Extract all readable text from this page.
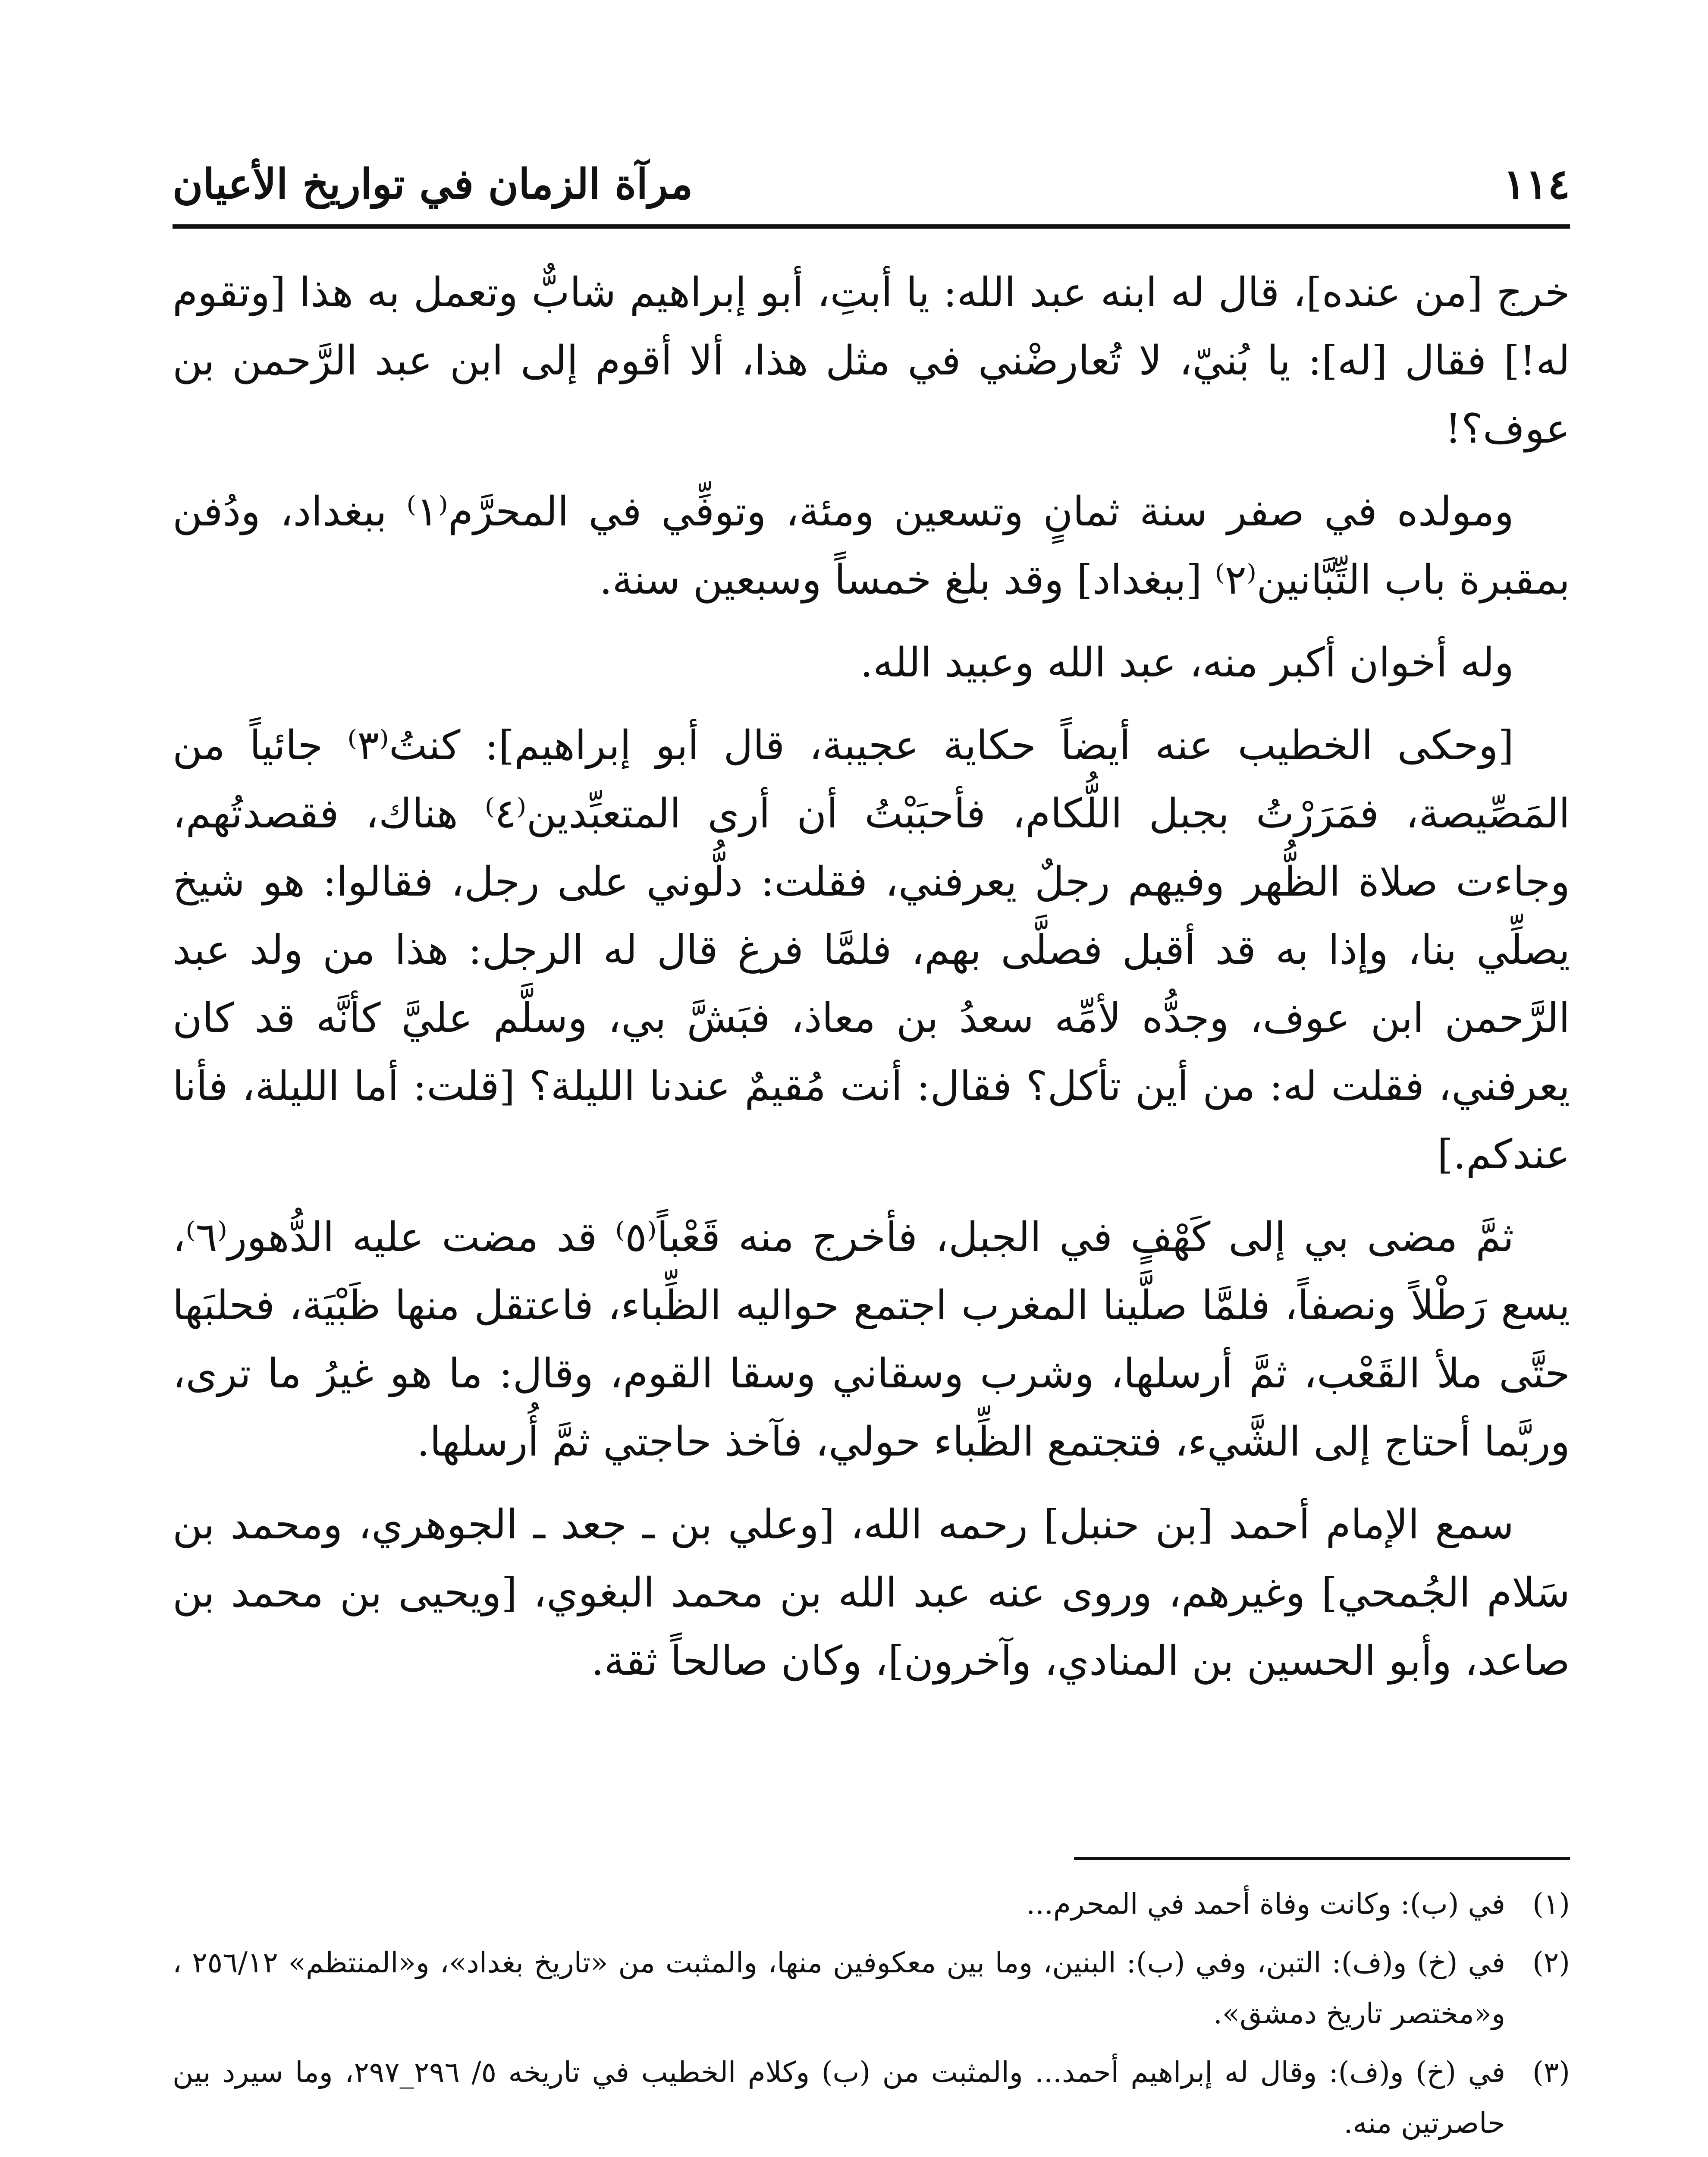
١١٤
مرآة الزمان في تواريخ الأعيان

خرج [من عنده]، قال له ابنه عبد الله: يا أبتِ، أبو إبراهيم شابٌّ وتعمل به هذا [وتقوم له!] فقال [له]: يا بُنيّ، لا تُعارضْني في مثل هذا، ألا أقوم إلى ابن عبد الرَّحمن بن عوف؟!

ومولده في صفر سنة ثمانٍ وتسعين ومئة، وتوفِّي في المحرَّم⁽١⁾ ببغداد، ودُفن بمقبرة باب التِّبَّانين⁽٢⁾ [ببغداد] وقد بلغ خمساً وسبعين سنة.

وله أخوان أكبر منه، عبد الله وعبيد الله.

[وحكى الخطيب عنه أيضاً حكاية عجيبة، قال أبو إبراهيم]: كنتُ⁽٣⁾ جائياً من المَصِّيصة، فمَرَرْتُ بجبل اللُّكام، فأحبَبْتُ أن أرى المتعبِّدين⁽٤⁾ هناك، فقصدتُهم، وجاءت صلاة الظُّهر وفيهم رجلٌ يعرفني، فقلت: دلُّوني على رجل، فقالوا: هو شيخ يصلِّي بنا، وإذا به قد أقبل فصلَّى بهم، فلمَّا فرغ قال له الرجل: هذا من ولد عبد الرَّحمن ابن عوف، وجدُّه لأمِّه سعدُ بن معاذ، فبَشَّ بي، وسلَّم عليَّ كأنَّه قد كان يعرفني، فقلت له: من أين تأكل؟ فقال: أنت مُقيمٌ عندنا الليلة؟ [قلت: أما الليلة، فأنا عندكم.]

ثمَّ مضى بي إلى كَهْفٍ في الجبل، فأخرج منه قَعْباً⁽٥⁾ قد مضت عليه الدُّهور⁽٦⁾، يسع رَطْلاً ونصفاً، فلمَّا صلَّينا المغرب اجتمع حواليه الظِّباء، فاعتقل منها ظَبْيَة، فحلبَها حتَّى ملأ القَعْب، ثمَّ أرسلها، وشرب وسقاني وسقا القوم، وقال: ما هو غيرُ ما ترى، وربَّما أحتاج إلى الشَّيء، فتجتمع الظِّباء حولي، فآخذ حاجتي ثمَّ أُرسلها.

سمع الإمام أحمد [بن حنبل] رحمه الله، [وعلي بن ـ جعد ـ الجوهري، ومحمد بن سَلام الجُمحي] وغيرهم، وروى عنه عبد الله بن محمد البغوي، [ويحيى بن محمد بن صاعد، وأبو الحسين بن المنادي، وآخرون]، وكان صالحاً ثقة.

(١)
في (ب): وكانت وفاة أحمد في المحرم...
(٢)
في (خ) و(ف): التبن، وفي (ب): البنين، وما بين معكوفين منها، والمثبت من «تاريخ بغداد»، و«المنتظم» ٢٥٦/١٢ ، و«مختصر تاريخ دمشق».
(٣)
في (خ) و(ف): وقال له إبراهيم أحمد... والمثبت من (ب) وكلام الخطيب في تاريخه ٥/ ٢٩٦_٢٩٧، وما سيرد بين حاصرتين منه.
